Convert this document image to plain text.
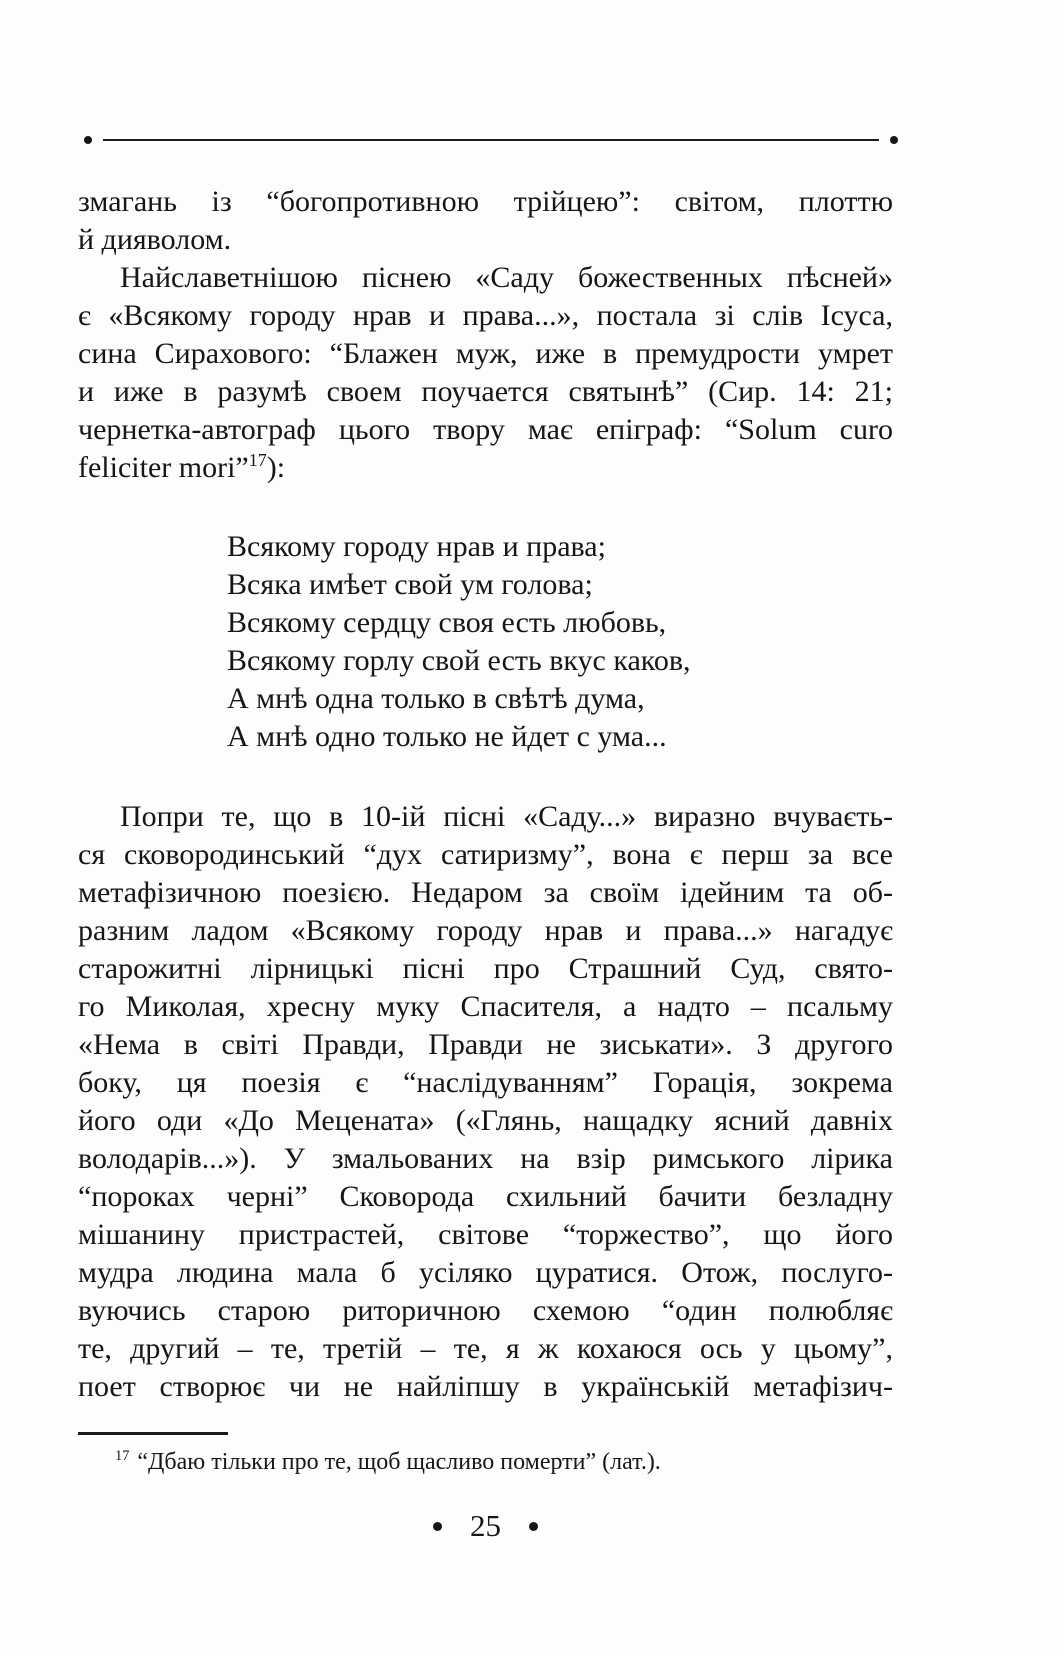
змагань із “богопротивною трійцею”: світом, плоттю
й дияволом.
Найславетнішою піснею «Саду божественных пѣсней»
є «Всякому городу нрав и права...», постала зі слів Ісуса,
сина Сирахового: “Блажен муж, иже в премудрости умрет
и иже в разумѣ своем поучается святынѣ” (Сир. 14: 21;
чернетка-автограф цього твору має епіграф: “Solum curo
feliciter mori”$^{17}$):
Всякому городу нрав и права;
Всяка имѣет свой ум голова;
Всякому сердцу своя есть любовь,
Всякому горлу свой есть вкус каков,
А мнѣ одна только в свѣтѣ дума,
А мнѣ одно только не йдет с ума...
Попри те, що в 10-ій пісні «Саду...» виразно вчуваєть-
ся сковородинський “дух сатиризму”, вона є перш за все
метафізичною поезією. Недаром за своїм ідейним та об-
разним ладом «Всякому городу нрав и права...» нагадує
старожитні лірницькі пісні про Страшний Суд, свято-
го Миколая, хресну муку Спасителя, а надто – псальму
«Нема в світі Правди, Правди не зиськати». З другого
боку, ця поезія є “наслідуванням” Горація, зокрема
його оди «До Мецената» («Глянь, нащадку ясний давніх
володарів...»). У змальованих на взір римського лірика
“пороках черні” Сковорода схильний бачити безладну
мішанину пристрастей, світове “торжество”, що його
мудра людина мала б усіляко цуратися. Отож, послуго-
вуючись старою риторичною схемою “один полюбляє
те, другий – те, третій – те, я ж кохаюся ось у цьому”,
поет створює чи не найліпшу в українській метафізич-

$^{17}$ “Дбаю тільки про те, щоб щасливо померти” (лат.).

25
